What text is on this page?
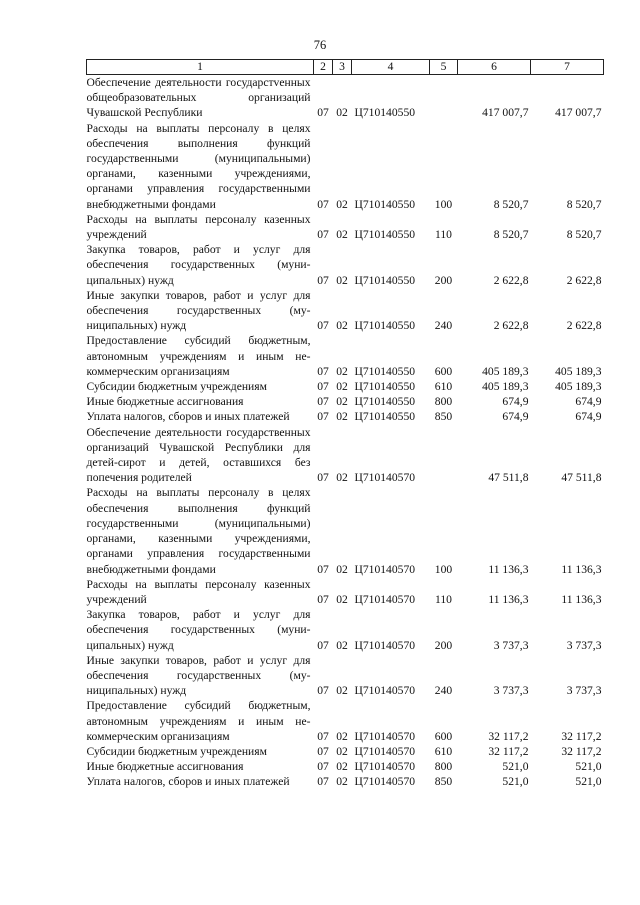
76
1	2	3	4	5	6	7
Обеспечение деятельности государстvенных общеобразовательных организаций Чувашской Республики	07	02	Ц710140550		417 007,7	417 007,7
Расходы на выплаты персоналу в целях обеспечения выполнения функций государственными (муниципальными) органами, казенными учреждениями, органами управления государственными внебюджетными фондами	07	02	Ц710140550	100	8 520,7	8 520,7
Расходы на выплаты персоналу казенных учреждений	07	02	Ц710140550	110	8 520,7	8 520,7
Закупка товаров, работ и услуг для обеспечения государственных (муниципальных) нужд	07	02	Ц710140550	200	2 622,8	2 622,8
Иные закупки товаров, работ и услуг для обеспечения государственных (муниципальных) нужд	07	02	Ц710140550	240	2 622,8	2 622,8
Предоставление субсидий бюджетным, автономным учреждениям и иным некоммерческим организациям	07	02	Ц710140550	600	405 189,3	405 189,3
Субсидии бюджетным учреждениям	07	02	Ц710140550	610	405 189,3	405 189,3
Иные бюджетные ассигнования	07	02	Ц710140550	800	674,9	674,9
Уплата налогов, сборов и иных платежей	07	02	Ц710140550	850	674,9	674,9
Обеспечение деятельности государственных организаций Чувашской Республики для детей-сирот и детей, оставшихся без попечения родителей	07	02	Ц710140570		47 511,8	47 511,8
Расходы на выплаты персоналу в целях обеспечения выполнения функций государственными (муниципальными) органами, казенными учреждениями, органами управления государственными внебюджетными фондами	07	02	Ц710140570	100	11 136,3	11 136,3
Расходы на выплаты персоналу казенных учреждений	07	02	Ц710140570	110	11 136,3	11 136,3
Закупка товаров, работ и услуг для обеспечения государственных (муниципальных) нужд	07	02	Ц710140570	200	3 737,3	3 737,3
Иные закупки товаров, работ и услуг для обеспечения государственных (муниципальных) нужд	07	02	Ц710140570	240	3 737,3	3 737,3
Предоставление субсидий бюджетным, автономным учреждениям и иным некоммерческим организациям	07	02	Ц710140570	600	32 117,2	32 117,2
Субсидии бюджетным учреждениям	07	02	Ц710140570	610	32 117,2	32 117,2
Иные бюджетные ассигнования	07	02	Ц710140570	800	521,0	521,0
Уплата налогов, сборов и иных платежей	07	02	Ц710140570	850	521,0	521,0
